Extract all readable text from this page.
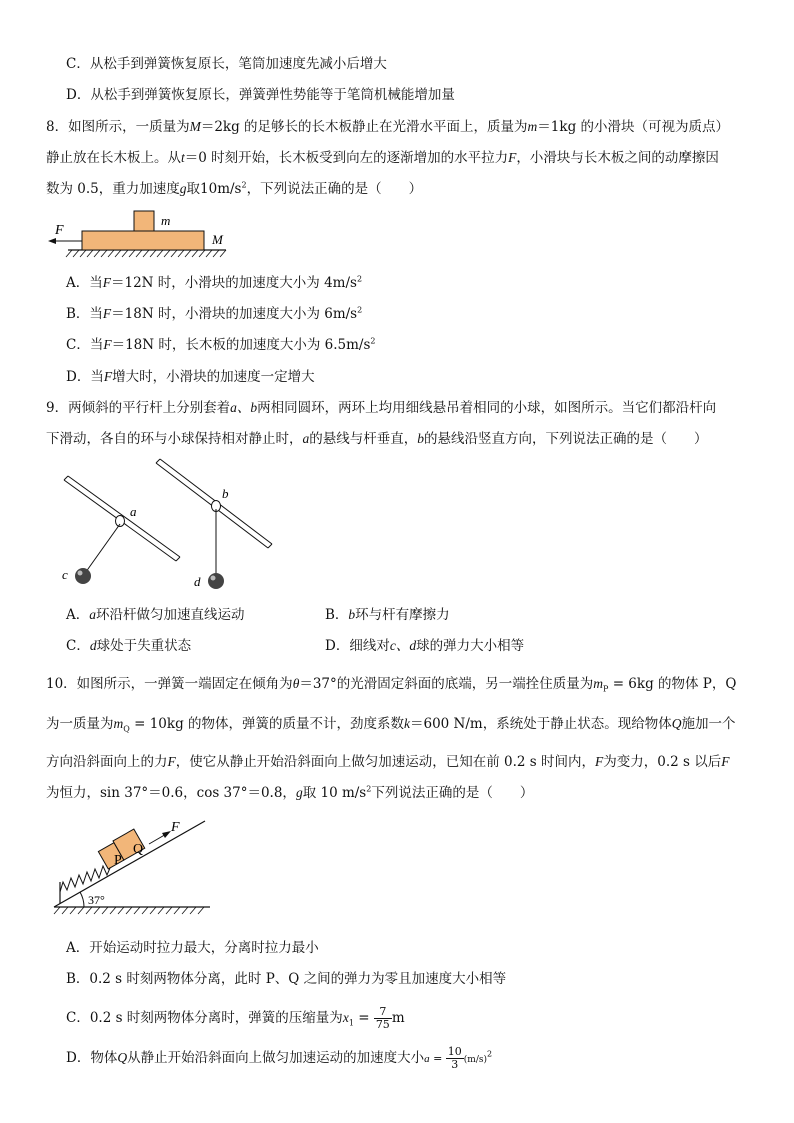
C．从松手到弹簧恢复原长，笔筒加速度先减小后增大
D．从松手到弹簧恢复原长，弹簧弹性势能等于笔筒机械能增加量
8．如图所示，一质量为M＝2kg 的足够长的长木板静止在光滑水平面上，质量为m＝1kg 的小滑块（可视为质点）
静止放在长木板上。从t＝0 时刻开始，长木板受到向左的逐渐增加的水平拉力F，小滑块与长木板之间的动摩擦因
数为 0.5，重力加速度g取$10m/s^2$，下列说法正确的是（　　）
F
m
M
A．当F＝12N 时，小滑块的加速度大小为 $4m/s^2$
B．当F＝18N 时，小滑块的加速度大小为 $6m/s^2$
C．当F＝18N 时，长木板的加速度大小为 $6.5m/s^2$
D．当F增大时，小滑块的加速度一定增大
9．两倾斜的平行杆上分别套着a、b两相同圆环，两环上均用细线悬吊着相同的小球，如图所示。当它们都沿杆向
下滑动，各自的环与小球保持相对静止时，a的悬线与杆垂直，b的悬线沿竖直方向，下列说法正确的是（　　）
a
b
c	d
A．a环沿杆做匀加速直线运动	B．b环与杆有摩擦力
C．d球处于失重状态	D．细线对c、d球的弹力大小相等
10．如图所示，一弹簧一端固定在倾角为θ＝37°的光滑固定斜面的底端，另一端拴住质量为$m_P = 6kg$ 的物体 P，Q
为一质量为$m_Q = 10kg$ 的物体，弹簧的质量不计，劲度系数k＝600 N/m，系统处于静止状态。现给物体Q施加一个
方向沿斜面向上的力F，使它从静止开始沿斜面向上做匀加速运动，已知在前 0.2 s 时间内，F为变力，0.2 s 以后F
为恒力，sin 37°＝0.6，cos 37°＝0.8，g取 10 $m/s^2$下列说法正确的是（　　）
F
P
Q
37°
A．开始运动时拉力最大，分离时拉力最小
B．0.2 s 时刻两物体分离，此时 P、Q 之间的弹力为零且加速度大小相等
C．0.2 s 时刻两物体分离时，弹簧的压缩量为$x_1 = \frac{7}{75}$ m
D．物体Q从静止开始沿斜面向上做匀加速运动的加速度大小$a = \frac{10}{3} (m/s)^2$
